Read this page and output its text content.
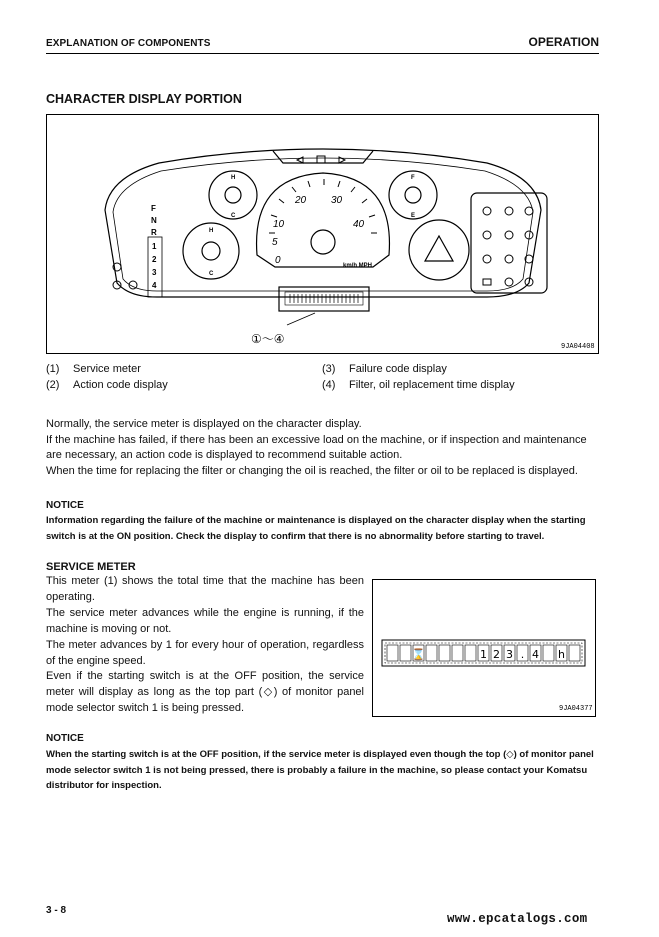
EXPLANATION OF COMPONENTS	OPERATION
CHARACTER DISPLAY PORTION
F
N
R
1
2
3
4
0
5
10
20 30
40
km/h MPH
H
C
H
C
F
E
①～④
9JA04408
(1) Service meter
(2) Action code display
(3) Failure code display
(4) Filter, oil replacement time display
Normally, the service meter is displayed on the character display.
If the machine has failed, if there has been an excessive load on the machine, or if inspection and maintenance are necessary, an action code is displayed to recommend suitable action.
When the time for replacing the filter or changing the oil is reached, the filter or oil to be replaced is displayed.
NOTICE
Information regarding the failure of the machine or maintenance is displayed on the character display when the starting switch is at the ON position. Check the display to confirm that there is no abnormality before starting to travel.
SERVICE METER
This meter (1) shows the total time that the machine has been operating.
The service meter advances while the engine is running, if the machine is moving or not.
The meter advances by 1 for every hour of operation, regardless of the engine speed.
Even if the starting switch is at the OFF position, the service meter will display as long as the top part (◇) of monitor panel mode selector switch 1 is being pressed.
⌛	1 2 3 . 4 h
9JA04377
NOTICE
When the starting switch is at the OFF position, if the service meter is displayed even though the top (◇) of monitor panel mode selector switch 1 is not being pressed, there is probably a failure in the machine, so please contact your Komatsu distributor for inspection.
3 - 8
www.epcatalogs.com
